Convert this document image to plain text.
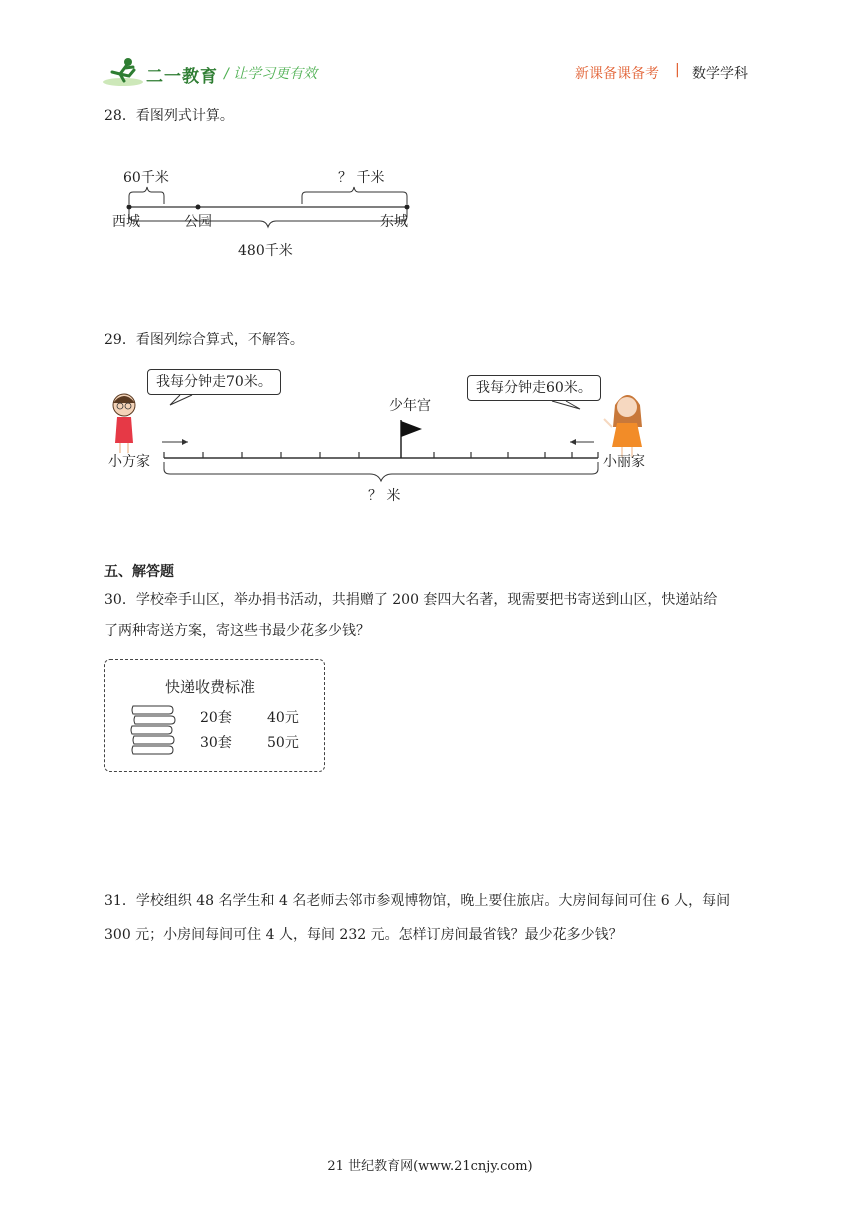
二一教育 / 让学习更有效	新课备课备考 | 数学学科
28．看图列式计算。
60千米	？ 千米
西城	公园	东城
480千米
29．看图列综合算式，不解答。
我每分钟走70米。	我每分钟走60米。
少年宫
小方家	小丽家
？ 米
五、解答题
30．学校牵手山区，举办捐书活动，共捐赠了 200 套四大名著，现需要把书寄送到山区，快递站给
了两种寄送方案，寄这些书最少花多少钱？
快递收费标准
20套	40元
30套	50元
31．学校组织 48 名学生和 4 名老师去邻市参观博物馆，晚上要住旅店。大房间每间可住 6 人，每间
300 元；小房间每间可住 4 人，每间 232 元。怎样订房间最省钱？最少花多少钱？
21 世纪教育网(www.21cnjy.com)
